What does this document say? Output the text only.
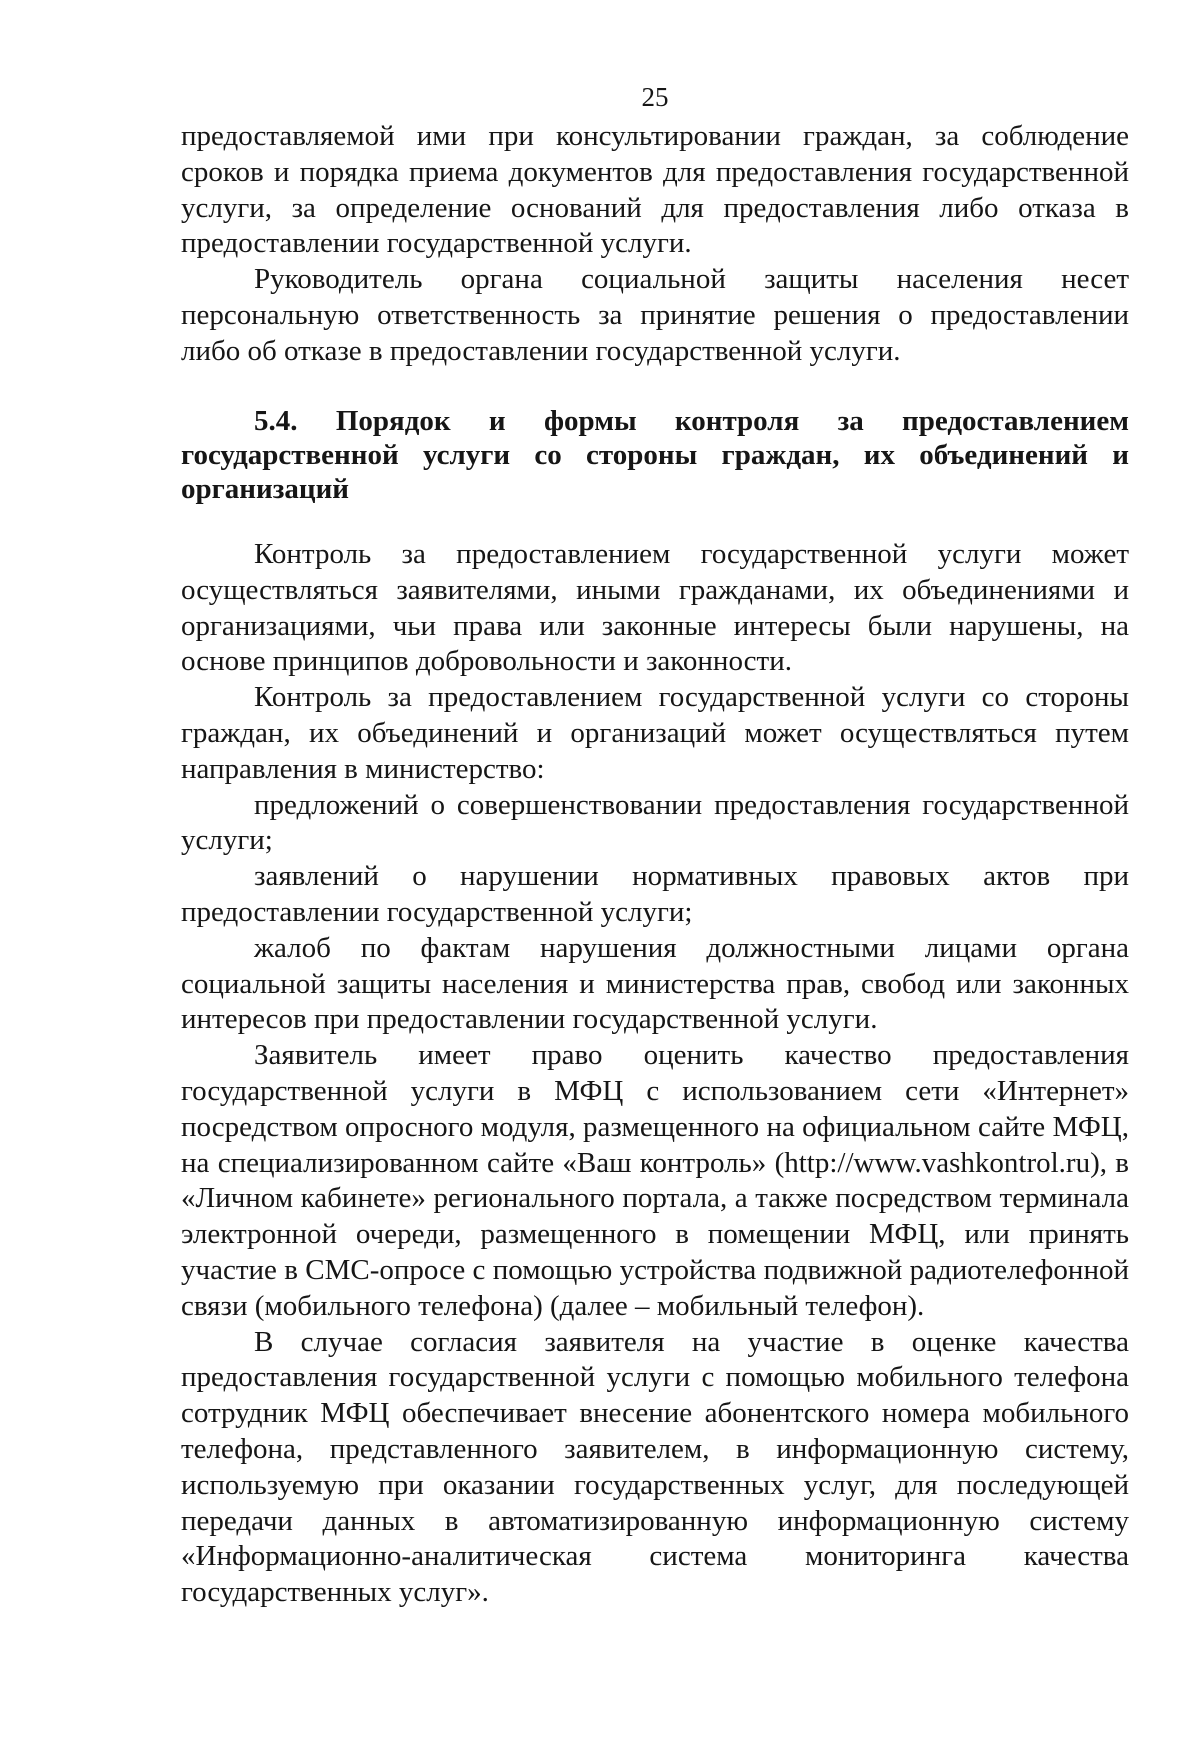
25

предоставляемой ими при консультировании граждан, за соблюдение сроков и порядка приема документов для предоставления государственной услуги, за определение оснований для предоставления либо отказа в предоставлении государственной услуги.

Руководитель органа социальной защиты населения несет персональную ответственность за принятие решения о предоставлении либо об отказе в предоставлении государственной услуги.

5.4. Порядок и формы контроля за предоставлением государственной услуги со стороны граждан, их объединений и организаций

Контроль за предоставлением государственной услуги может осуществляться заявителями, иными гражданами, их объединениями и организациями, чьи права или законные интересы были нарушены, на основе принципов добровольности и законности.

Контроль за предоставлением государственной услуги со стороны граждан, их объединений и организаций может осуществляться путем направления в министерство:

предложений о совершенствовании предоставления государственной услуги;

заявлений о нарушении нормативных правовых актов при предоставлении государственной услуги;

жалоб по фактам нарушения должностными лицами органа социальной защиты населения и министерства прав, свобод или законных интересов при предоставлении государственной услуги.

Заявитель имеет право оценить качество предоставления государственной услуги в МФЦ с использованием сети «Интернет» посредством опросного модуля, размещенного на официальном сайте МФЦ, на специализированном сайте «Ваш контроль» (http://www.vashkontrol.ru), в «Личном кабинете» регионального портала, а также посредством терминала электронной очереди, размещенного в помещении МФЦ, или принять участие в СМС-опросе с помощью устройства подвижной радиотелефонной связи (мобильного телефона) (далее – мобильный телефон).

В случае согласия заявителя на участие в оценке качества предоставления государственной услуги с помощью мобильного телефона сотрудник МФЦ обеспечивает внесение абонентского номера мобильного телефона, представленного заявителем, в информационную систему, используемую при оказании государственных услуг, для последующей передачи данных в автоматизированную информационную систему «Информационно-аналитическая система мониторинга качества государственных услуг».
